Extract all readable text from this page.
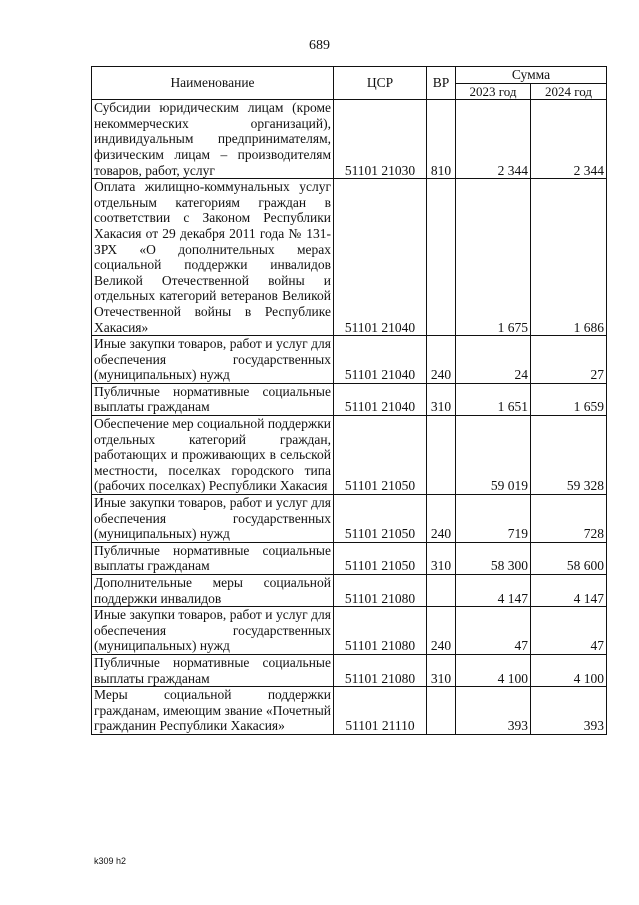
689
Наименование	ЦСР	ВР	Сумма	
			2023 год	2024 год
Субсидии юридическим лицам (кроме некоммерческих организаций), индивидуальным предпринимателям, физическим лицам – производителям товаров, работ, услуг	51101 21030	810	2 344	2 344
Оплата жилищно-коммунальных услуг отдельным категориям граждан в соответствии с Законом Республики Хакасия от 29 декабря 2011 года № 131-ЗРХ «О дополнительных мерах социальной поддержки инвалидов Великой Отечественной войны и отдельных категорий ветеранов Великой Отечественной войны в Республике Хакасия»	51101 21040		1 675	1 686
Иные закупки товаров, работ и услуг для обеспечения государственных (муниципальных) нужд	51101 21040	240	24	27
Публичные нормативные социальные выплаты гражданам	51101 21040	310	1 651	1 659
Обеспечение мер социальной поддержки отдельных категорий граждан, работающих и проживающих в сельской местности, поселках городского типа (рабочих поселках) Республики Хакасия	51101 21050		59 019	59 328
Иные закупки товаров, работ и услуг для обеспечения государственных (муниципальных) нужд	51101 21050	240	719	728
Публичные нормативные социальные выплаты гражданам	51101 21050	310	58 300	58 600
Дополнительные меры социальной поддержки инвалидов	51101 21080		4 147	4 147
Иные закупки товаров, работ и услуг для обеспечения государственных (муниципальных) нужд	51101 21080	240	47	47
Публичные нормативные социальные выплаты гражданам	51101 21080	310	4 100	4 100
Меры социальной поддержки гражданам, имеющим звание «Почетный гражданин Республики Хакасия»	51101 21110		393	393
k309 h2
